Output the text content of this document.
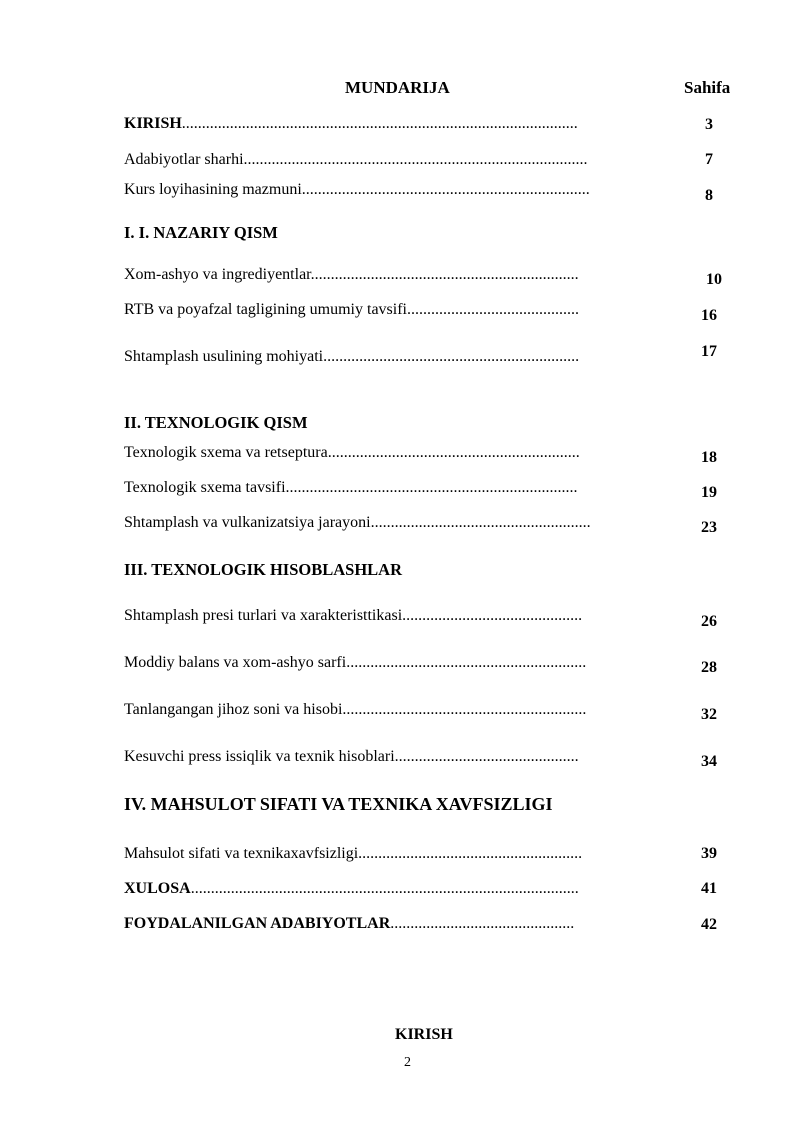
MUNDARIJA	Sahifa
KIRISH...................................................................................................	3
Adabiyotlar sharhi......................................................................................	7
Kurs loyihasining mazmuni........................................................................	8
I. I. NAZARIY QISM
Xom-ashyo va ingrediyentlar...................................................................	10
RTB va poyafzal tagligining umumiy tavsifi...........................................	16
Shtamplash usulining mohiyati................................................................	17
II. TEXNOLOGIK QISM
Texnologik sxema va retseptura...............................................................	18
Texnologik sxema tavsifi.........................................................................	19
Shtamplash va vulkanizatsiya jarayoni.......................................................	23
III. TEXNOLOGIK HISOBLASHLAR
Shtamplash presi turlari va xarakteristtikasi.............................................	26
Moddiy balans va xom-ashyo sarfi............................................................	28
Tanlangangan jihoz soni va hisobi.............................................................	32
Kesuvchi press issiqlik va texnik hisoblari..............................................	34
IV. MAHSULOT SIFATI VA TEXNIKA XAVFSIZLIGI
Mahsulot sifati va texnikaxavfsizligi........................................................	39
XULOSA.................................................................................................	41
FOYDALANILGAN ADABIYOTLAR..............................................	42
KIRISH
2
